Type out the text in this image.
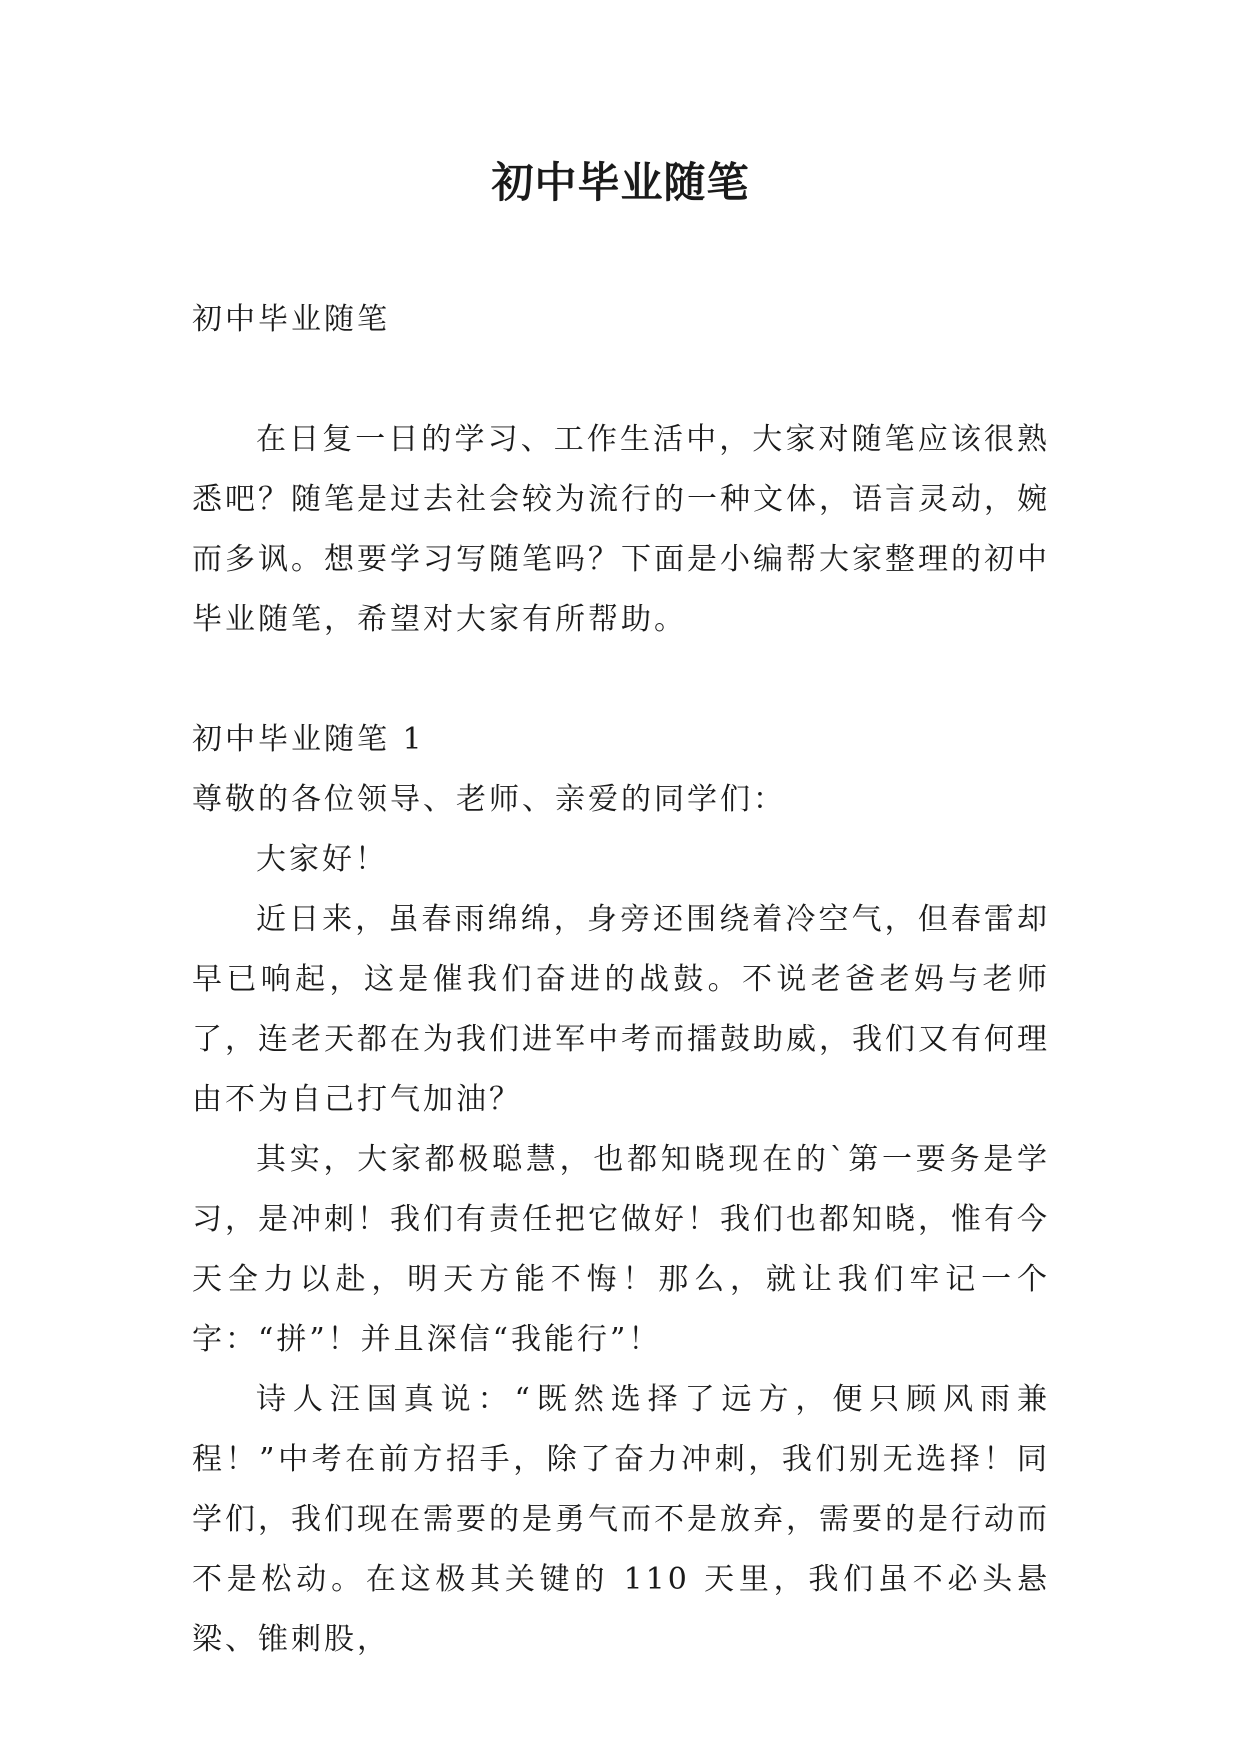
初中毕业随笔

初中毕业随笔

在日复一日的学习、工作生活中，大家对随笔应该很熟悉吧？随笔是过去社会较为流行的一种文体，语言灵动，婉而多讽。想要学习写随笔吗？下面是小编帮大家整理的初中毕业随笔，希望对大家有所帮助。

初中毕业随笔 1

尊敬的各位领导、老师、亲爱的同学们：

大家好！

近日来，虽春雨绵绵，身旁还围绕着冷空气，但春雷却早已响起，这是催我们奋进的战鼓。不说老爸老妈与老师了，连老天都在为我们进军中考而擂鼓助威，我们又有何理由不为自己打气加油？

其实，大家都极聪慧，也都知晓现在的`第一要务是学习，是冲刺！我们有责任把它做好！我们也都知晓，惟有今天全力以赴，明天方能不悔！那么，就让我们牢记一个字：“拼”！并且深信“我能行”！

诗人汪国真说：“既然选择了远方，便只顾风雨兼程！”中考在前方招手，除了奋力冲刺，我们别无选择！同学们，我们现在需要的是勇气而不是放弃，需要的是行动而不是松动。在这极其关键的 110 天里，我们虽不必头悬梁、锥刺股，
